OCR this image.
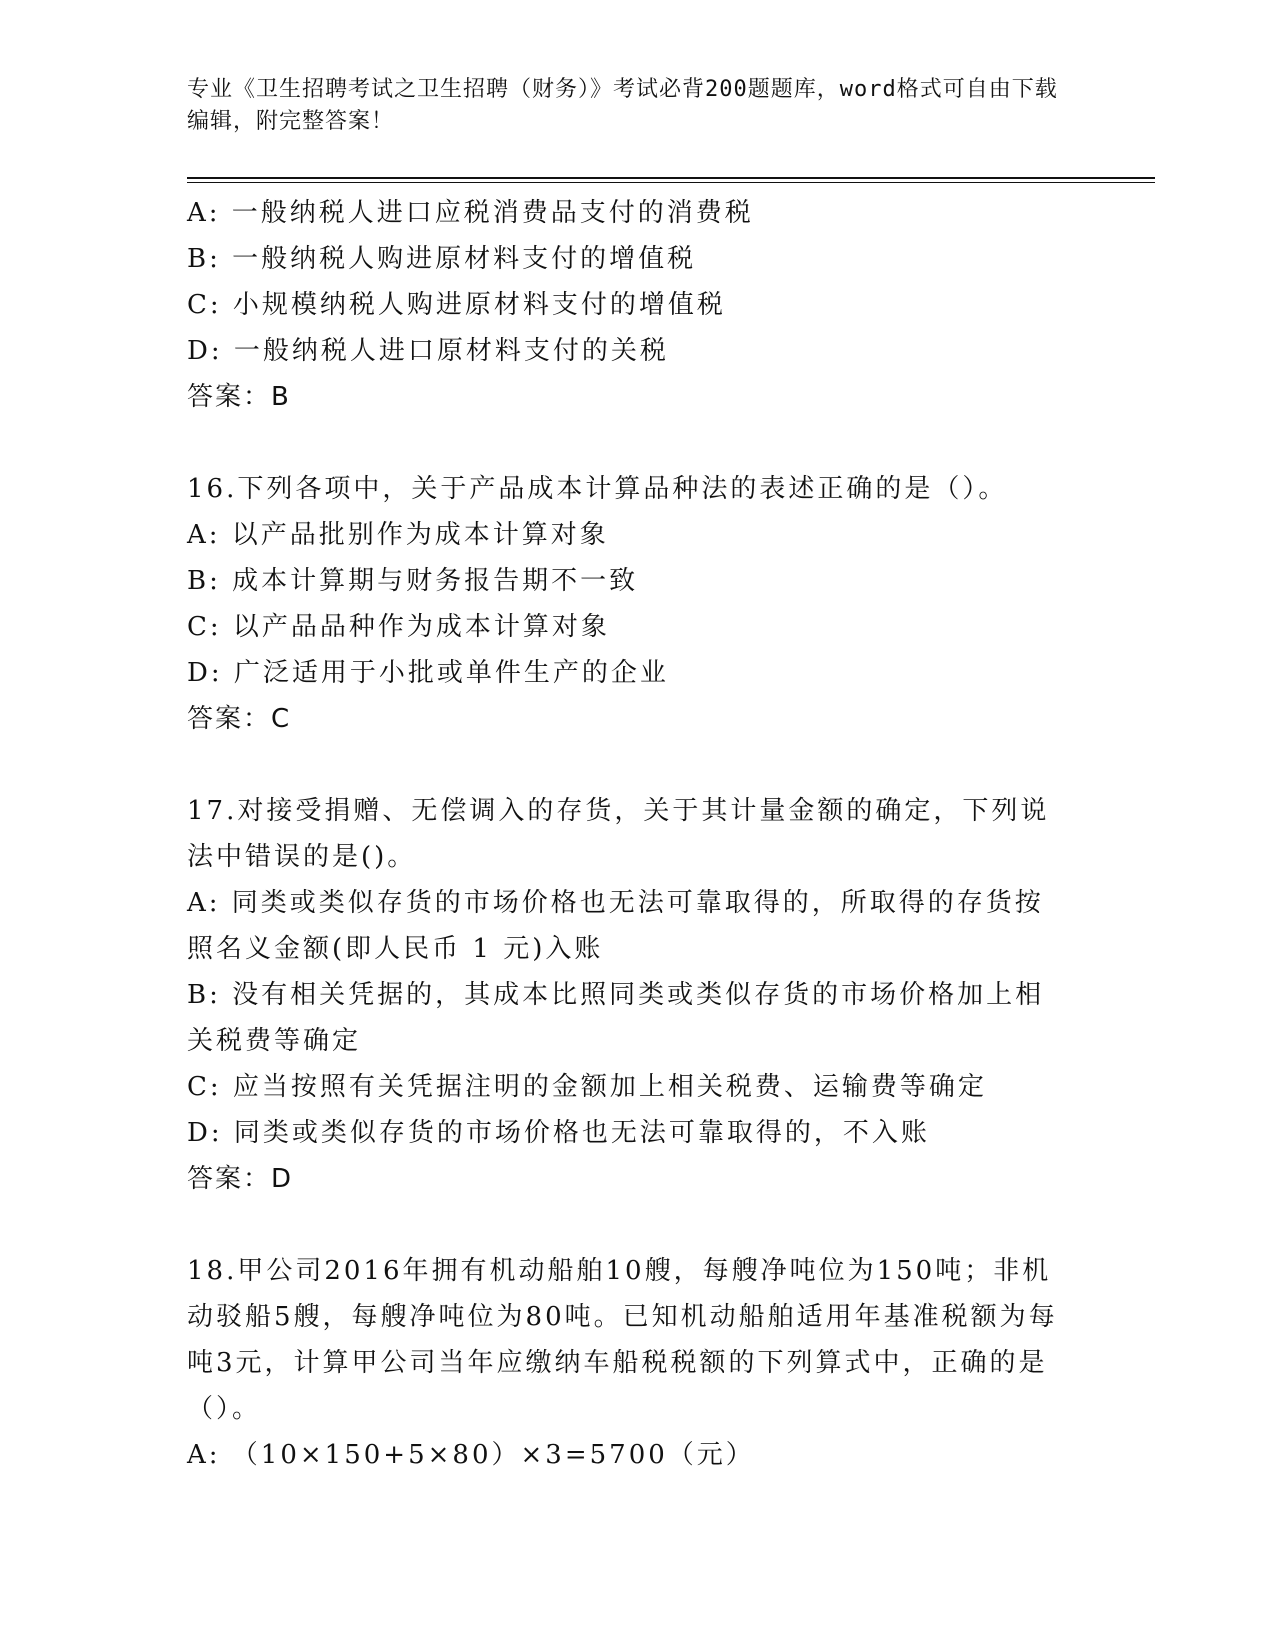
专业《卫生招聘考试之卫生招聘（财务）》考试必背200题题库，word格式可自由下载编辑，附完整答案！
A: 一般纳税人进口应税消费品支付的消费税
B: 一般纳税人购进原材料支付的增值税
C: 小规模纳税人购进原材料支付的增值税
D: 一般纳税人进口原材料支付的关税
答案：B
16.下列各项中，关于产品成本计算品种法的表述正确的是（）。
A: 以产品批别作为成本计算对象
B: 成本计算期与财务报告期不一致
C: 以产品品种作为成本计算对象
D: 广泛适用于小批或单件生产的企业
答案：C
17.对接受捐赠、无偿调入的存货，关于其计量金额的确定，下列说法中错误的是()。
A: 同类或类似存货的市场价格也无法可靠取得的，所取得的存货按照名义金额(即人民币 1 元)入账
B: 没有相关凭据的，其成本比照同类或类似存货的市场价格加上相关税费等确定
C: 应当按照有关凭据注明的金额加上相关税费、运输费等确定
D: 同类或类似存货的市场价格也无法可靠取得的，不入账
答案：D
18.甲公司2016年拥有机动船舶10艘，每艘净吨位为150吨；非机动驳船5艘，每艘净吨位为80吨。已知机动船舶适用年基准税额为每吨3元，计算甲公司当年应缴纳车船税税额的下列算式中，正确的是（）。
A: （10×150+5×80）×3=5700（元）
